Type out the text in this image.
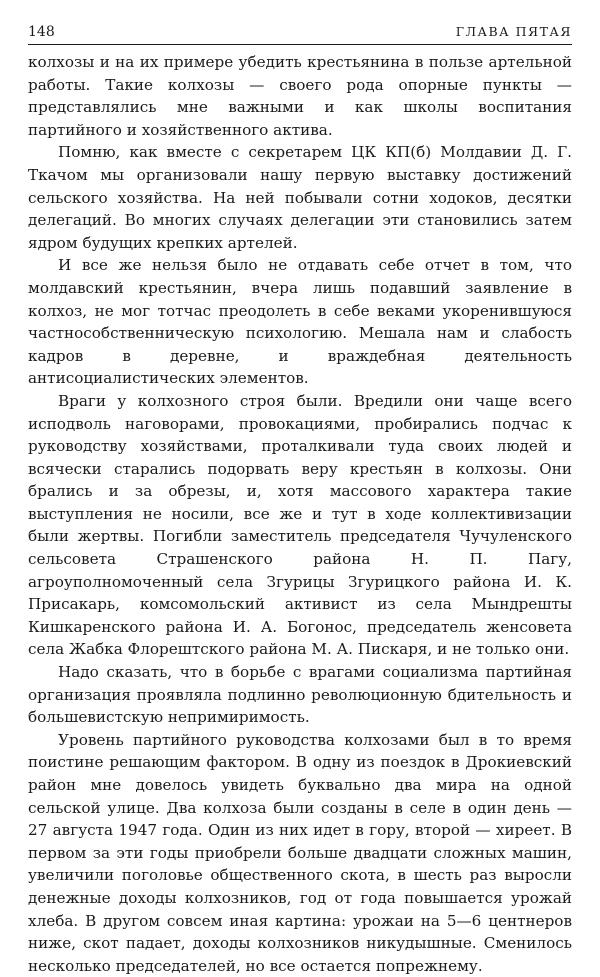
148	ГЛАВА ПЯТАЯ

колхозы и на их примере убедить крестьянина в пользе артельной работы. Такие колхозы — своего рода опорные пункты — представлялись мне важными и как школы воспитания партийного и хозяйственного актива.

Помню, как вместе с секретарем ЦК КП(б) Молдавии Д. Г. Ткачом мы организовали нашу первую выставку достижений сельского хозяйства. На ней побывали сотни ходоков, десятки делегаций. Во многих случаях делегации эти становились затем ядром будущих крепких артелей.

И все же нельзя было не отдавать себе отчет в том, что молдавский крестьянин, вчера лишь подавший заявление в колхоз, не мог тотчас преодолеть в себе веками укоренившуюся частнособственническую психологию. Мешала нам и слабость кадров в деревне, и враждебная деятельность антисоциалистических элементов.

Враги у колхозного строя были. Вредили они чаще всего исподволь наговорами, провокациями, пробирались подчас к руководству хозяйствами, проталкивали туда своих людей и всячески старались подорвать веру крестьян в колхозы. Они брались и за обрезы, и, хотя массового характера такие выступления не носили, все же и тут в ходе коллективизации были жертвы. Погибли заместитель председателя Чучуленского сельсовета Страшенского района Н. П. Пагу, агроуполномоченный села Згурицы Згурицкого района И. К. Присакарь, комсомольский активист из села Мындрешты Кишкаренского района И. А. Богонос, председатель женсовета села Жабка Флорештского района М. А. Пискаря, и не только они.

Надо сказать, что в борьбе с врагами социализма партийная организация проявляла подлинно революционную бдительность и большевистскую непримиримость.

Уровень партийного руководства колхозами был в то время поистине решающим фактором. В одну из поездок в Дрокиевский район мне довелось увидеть буквально два мира на одной сельской улице. Два колхоза были созданы в селе в один день — 27 августа 1947 года. Один из них идет в гору, второй — хиреет. В первом за эти годы приобрели больше двадцати сложных машин, увеличили поголовье общественного скота, в шесть раз выросли денежные доходы колхозников, год от года повышается урожай хлеба. В другом совсем иная картина: урожаи на 5—6 центнеров ниже, скот падает, доходы колхозников никудышные. Сменилось несколько председателей, но все остается попрежнему.
